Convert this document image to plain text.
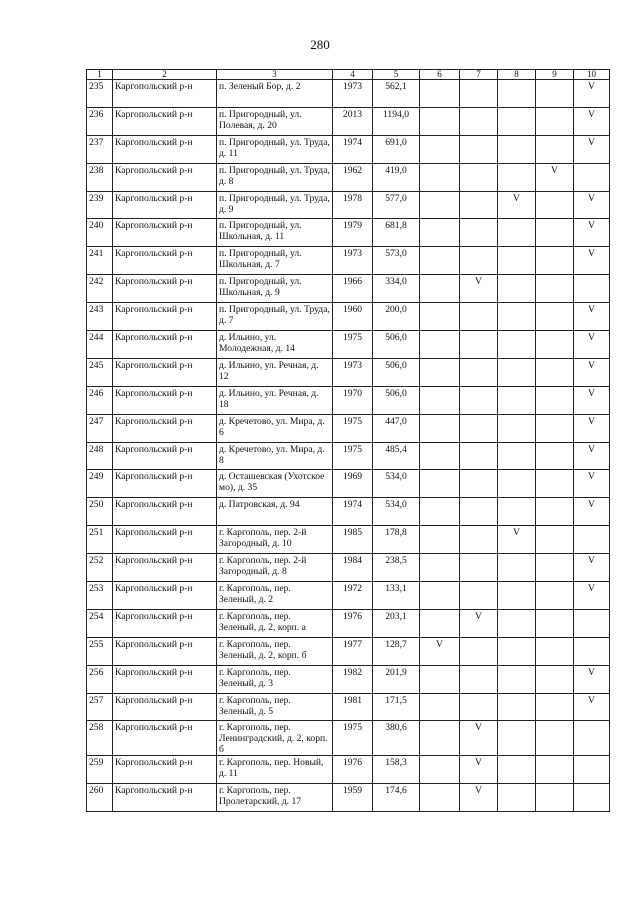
280
1	2	3	4	5	6	7	8	9	10
235	Каргопольский р-н	п. Зеленый Бор, д. 2	1973	562,1					V
236	Каргопольский р-н	п. Пригородный, ул. Полевая, д. 20	2013	1194,0					V
237	Каргопольский р-н	п. Пригородный, ул. Труда, д. 11	1974	691,0					V
238	Каргопольский р-н	п. Пригородный, ул. Труда, д. 8	1962	419,0				V	
239	Каргопольский р-н	п. Пригородный, ул. Труда, д. 9	1978	577,0			V		V
240	Каргопольский р-н	п. Пригородный, ул. Школьная, д. 11	1979	681,8					V
241	Каргопольский р-н	п. Пригородный, ул. Школьная, д. 7	1973	573,0					V
242	Каргопольский р-н	п. Пригородный, ул. Школьная, д. 9	1966	334,0		V			
243	Каргопольский р-н	п. Пригородный, ул. Труда, д. 7	1960	200,0					V
244	Каргопольский р-н	д. Ильино, ул. Молодежная, д. 14	1975	506,0					V
245	Каргопольский р-н	д. Ильино, ул. Речная, д. 12	1973	506,0					V
246	Каргопольский р-н	д. Ильино, ул. Речная, д. 18	1970	506,0					V
247	Каргопольский р-н	д. Кречетово, ул. Мира, д. 6	1975	447,0					V
248	Каргопольский р-н	д. Кречетово, ул. Мира, д. 8	1975	485,4					V
249	Каргопольский р-н	д. Осташевская (Ухотское мо), д. 35	1969	534,0					V
250	Каргопольский р-н	д. Патровская, д. 94	1974	534,0					V
251	Каргопольский р-н	г. Каргополь, пер. 2-й Загородный, д. 10	1985	178,8			V		
252	Каргопольский р-н	г. Каргополь, пер. 2-й Загородный, д. 8	1984	238,5					V
253	Каргопольский р-н	г. Каргополь, пер. Зеленый, д. 2	1972	133,1					V
254	Каргопольский р-н	г. Каргополь, пер. Зеленый, д. 2, корп. а	1976	203,1		V			
255	Каргопольский р-н	г. Каргополь, пер. Зеленый, д. 2, корп. б	1977	128,7	V				
256	Каргопольский р-н	г. Каргополь, пер. Зеленый, д. 3	1982	201,9					V
257	Каргопольский р-н	г. Каргополь, пер. Зеленый, д. 5	1981	171,5					V
258	Каргопольский р-н	г. Каргополь, пер. Ленинградский, д. 2, корп. б	1975	380,6		V			
259	Каргопольский р-н	г. Каргополь, пер. Новый, д. 11	1976	158,3		V			
260	Каргопольский р-н	г. Каргополь, пер. Пролетарский, д. 17	1959	174,6		V			
